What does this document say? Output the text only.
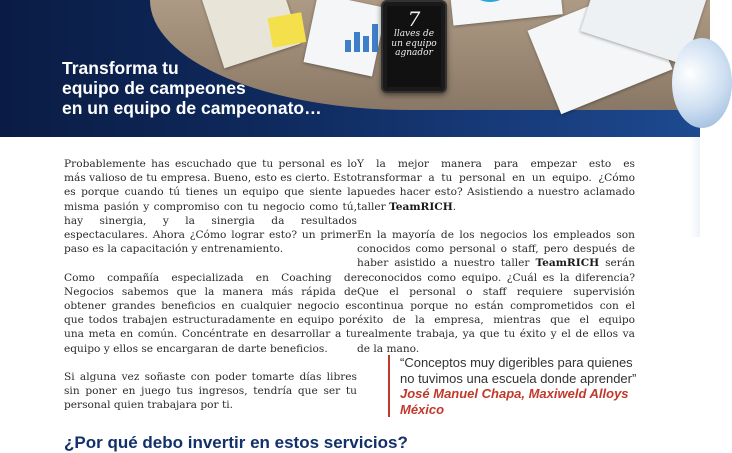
7
llaves de
un equipo
agnador
Transforma tu
equipo de campeones
en un equipo de campeonato…

Probablemente has escuchado que tu personal es lo más valioso de tu empresa. Bueno, esto es cierto. Esto es porque cuando tú tienes un equipo que siente la misma pasión y compromiso con tu negocio como tú, hay sinergia, y la sinergia da resultados espectaculares. Ahora ¿Cómo lograr esto? un primer paso es la capacitación y entrenamiento.

Como compañía especializada en Coaching de Negocios sabemos que la manera más rápida de obtener grandes beneficios en cualquier negocio es que todos trabajen estructuradamente en equipo por una meta en común. Concéntrate en desarrollar a tu equipo y ellos se encargaran de darte beneficios.

Si alguna vez soñaste con poder tomarte días libres sin poner en juego tus ingresos, tendría que ser tu personal quien trabajara por ti.

Y la mejor manera para empezar esto es transformar a tu personal en un equipo. ¿Cómo puedes hacer esto? Asistiendo a nuestro aclamado taller TeamRICH.

En la mayoría de los negocios los empleados son conocidos como personal o staff, pero después de haber asistido a nuestro taller TeamRICH serán reconocidos como equipo. ¿Cuál es la diferencia? Que el personal o staff requiere supervisión continua porque no están comprometidos con el éxito de la empresa, mientras que el equipo realmente trabaja, ya que tu éxito y el de ellos va de la mano.

“Conceptos muy digeribles para quienes
no tuvimos una escuela donde aprender”
José Manuel Chapa, Maxiweld Alloys
México
¿Por qué debo invertir en estos servicios?
